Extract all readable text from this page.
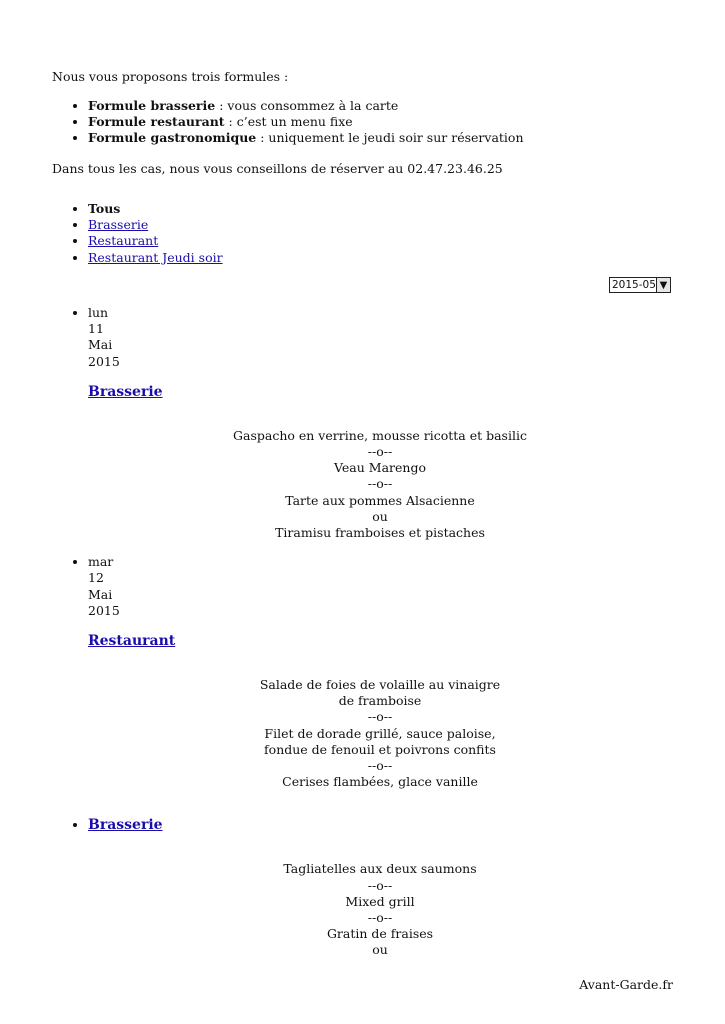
Nous vous proposons trois formules :

• Formule brasserie : vous consommez à la carte
• Formule restaurant : c’est un menu fixe
• Formule gastronomique : uniquement le jeudi soir sur réservation

Dans tous les cas, nous vous conseillons de réserver au 02.47.23.46.25

• Tous
• Brasserie
• Restaurant
• Restaurant Jeudi soir
2015-05 ▼
• lun
11
Mai
2015
Brasserie
Gaspacho en verrine, mousse ricotta et basilic
--o--
Veau Marengo
--o--
Tarte aux pommes Alsacienne
ou
Tiramisu framboises et pistaches
• mar
12
Mai
2015
Restaurant
Salade de foies de volaille au vinaigre
de framboise
--o--
Filet de dorade grillé, sauce paloise,
fondue de fenouil et poivrons confits
--o--
Cerises flambées, glace vanille
• Brasserie
Tagliatelles aux deux saumons
--o--
Mixed grill
--o--
Gratin de fraises
ou
Avant-Garde.fr
